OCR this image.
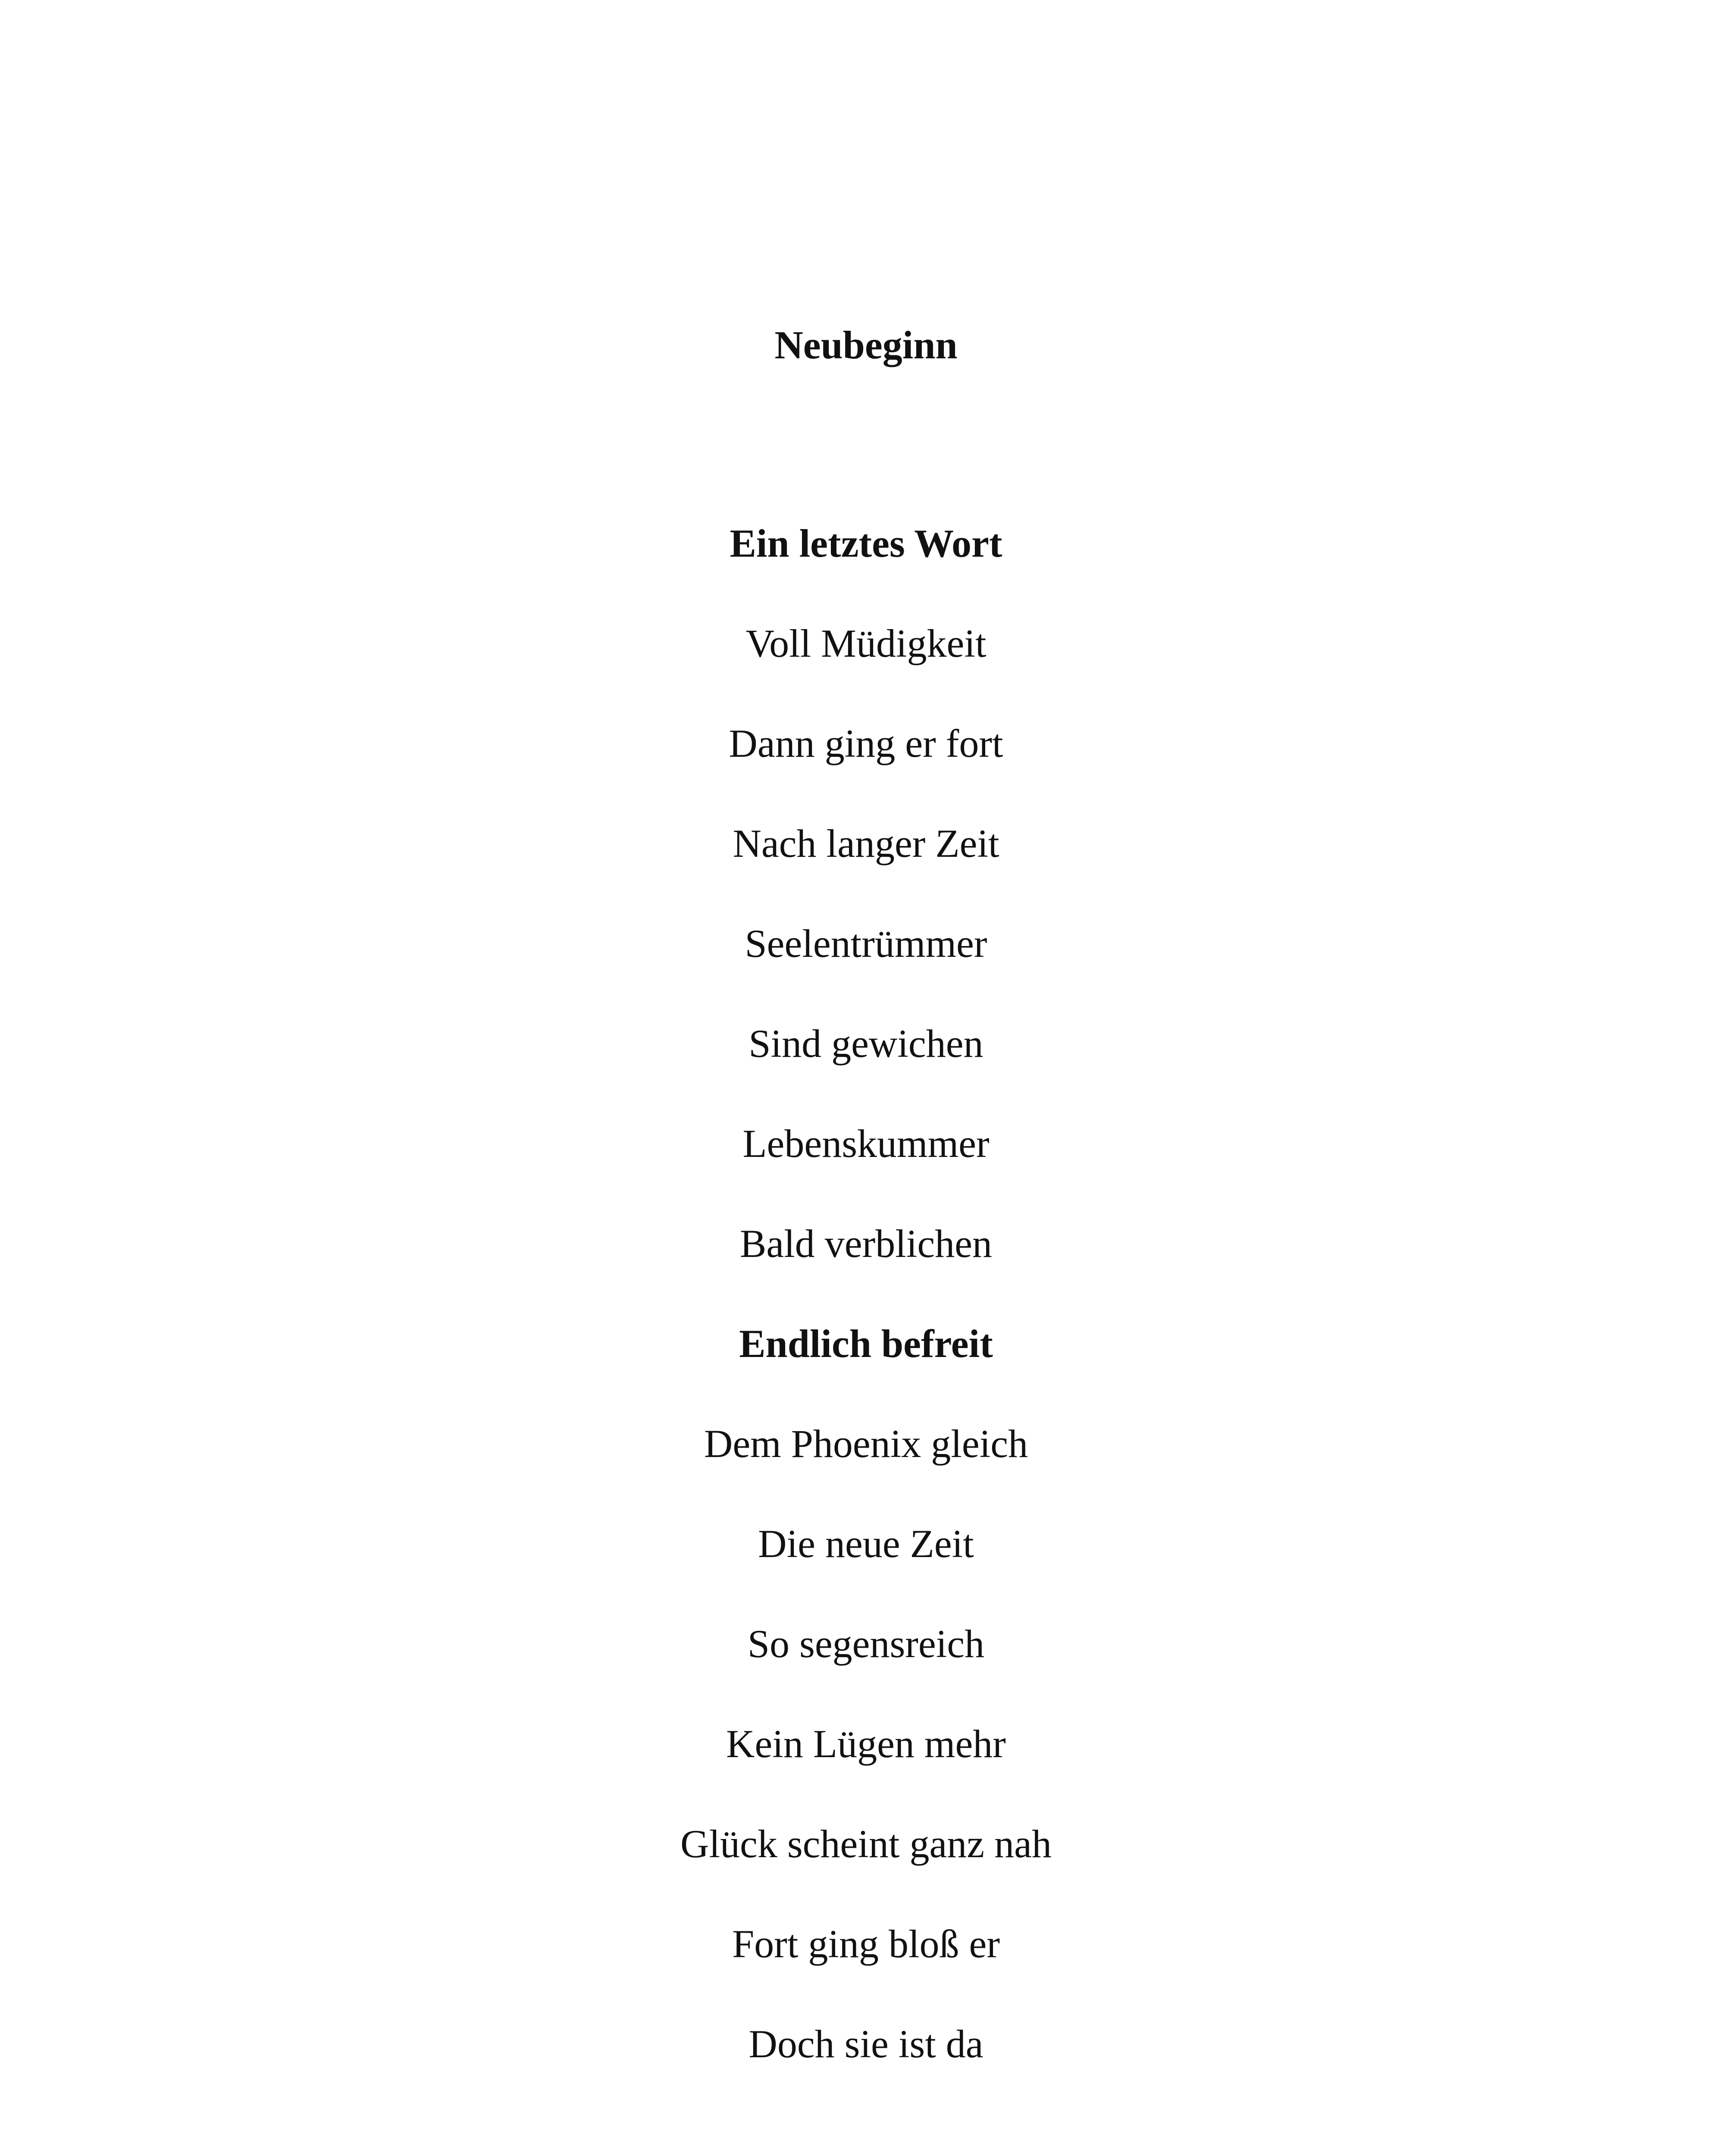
Neubeginn
Ein letztes Wort
Voll Müdigkeit
Dann ging er fort
Nach langer Zeit
Seelentrümmer
Sind gewichen
Lebenskummer
Bald verblichen
Endlich befreit
Dem Phoenix gleich
Die neue Zeit
So segensreich
Kein Lügen mehr
Glück scheint ganz nah
Fort ging bloß er
Doch sie ist da
